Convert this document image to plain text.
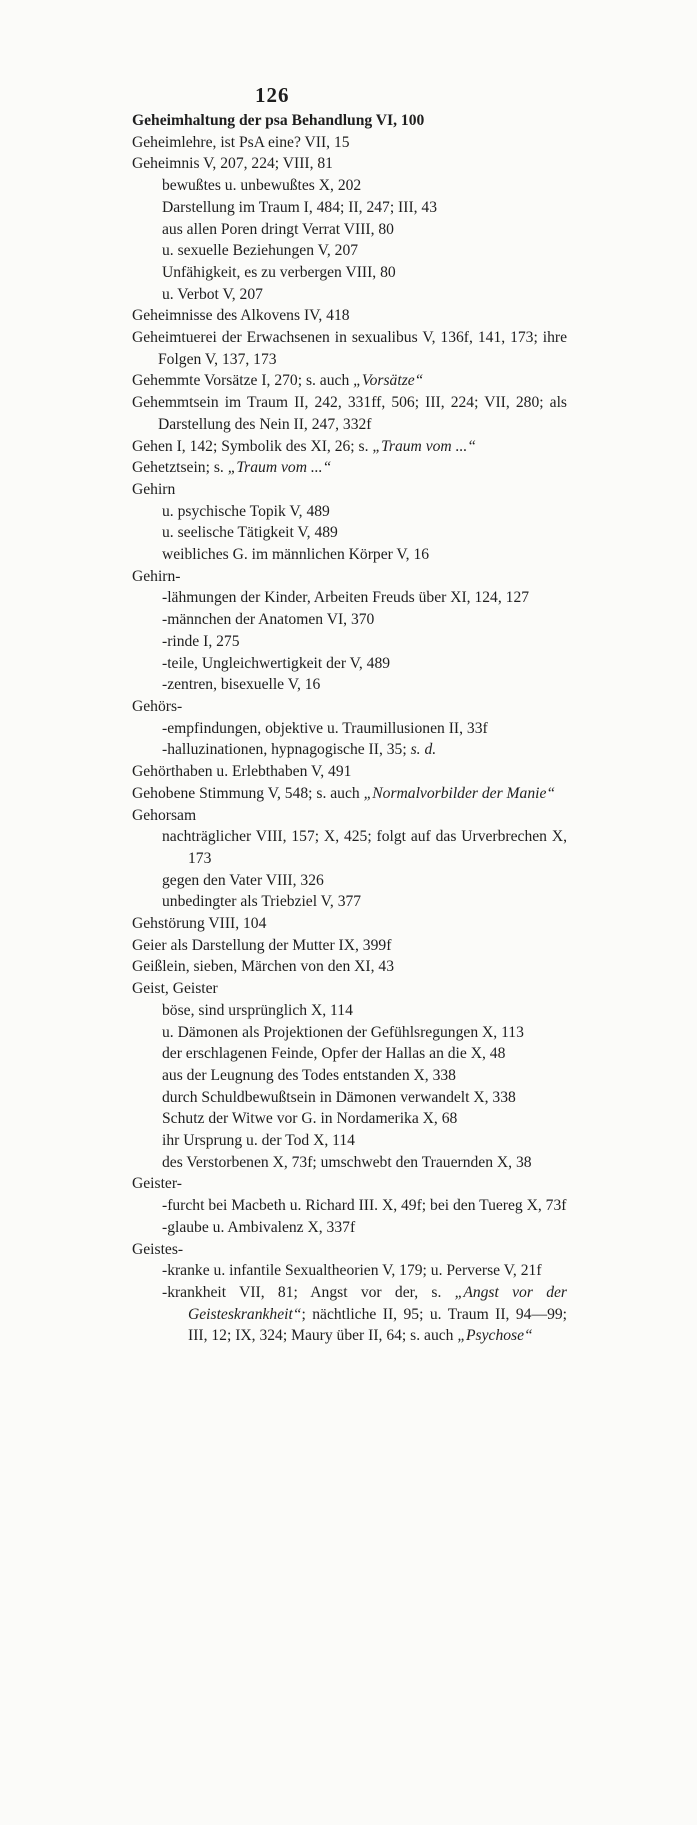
126
Geheimhaltung der psa Behandlung VI, 100
Geheimlehre, ist PsA eine? VII, 15
Geheimnis V, 207, 224; VIII, 81
bewußtes u. unbewußtes X, 202
Darstellung im Traum I, 484; II, 247; III, 43
aus allen Poren dringt Verrat VIII, 80
u. sexuelle Beziehungen V, 207
Unfähigkeit, es zu verbergen VIII, 80
u. Verbot V, 207
Geheimnisse des Alkovens IV, 418
Geheimtuerei der Erwachsenen in sexualibus V, 136f, 141, 173; ihre Folgen V, 137, 173
Gehemmte Vorsätze I, 270; s. auch „Vorsätze“
Gehemmtsein im Traum II, 242, 331ff, 506; III, 224; VII, 280; als Darstellung des Nein II, 247, 332f
Gehen I, 142; Symbolik des XI, 26; s. „Traum vom ...“
Gehetztsein; s. „Traum vom ...“
Gehirn
u. psychische Topik V, 489
u. seelische Tätigkeit V, 489
weibliches G. im männlichen Körper V, 16
Gehirn-
-lähmungen der Kinder, Arbeiten Freuds über XI, 124, 127
-männchen der Anatomen VI, 370
-rinde I, 275
-teile, Ungleichwertigkeit der V, 489
-zentren, bisexuelle V, 16
Gehörs-
-empfindungen, objektive u. Traumillusionen II, 33f
-halluzinationen, hypnagogische II, 35; s. d.
Gehörthaben u. Erlebthaben V, 491
Gehobene Stimmung V, 548; s. auch „Normalvorbilder der Manie“
Gehorsam
nachträglicher VIII, 157; X, 425; folgt auf das Urverbrechen X, 173
gegen den Vater VIII, 326
unbedingter als Triebziel V, 377
Gehstörung VIII, 104
Geier als Darstellung der Mutter IX, 399f
Geißlein, sieben, Märchen von den XI, 43
Geist, Geister
böse, sind ursprünglich X, 114
u. Dämonen als Projektionen der Gefühlsregungen X, 113
der erschlagenen Feinde, Opfer der Hallas an die X, 48
aus der Leugnung des Todes entstanden X, 338
durch Schuldbewußtsein in Dämonen verwandelt X, 338
Schutz der Witwe vor G. in Nordamerika X, 68
ihr Ursprung u. der Tod X, 114
des Verstorbenen X, 73f; umschwebt den Trauernden X, 38
Geister-
-furcht bei Macbeth u. Richard III. X, 49f; bei den Tuereg X, 73f
-glaube u. Ambivalenz X, 337f
Geistes-
-kranke u. infantile Sexualtheorien V, 179; u. Perverse V, 21f
-krankheit VII, 81; Angst vor der, s. „Angst vor der Geisteskrankheit“; nächtliche II, 95; u. Traum II, 94—99; III, 12; IX, 324; Maury über II, 64; s. auch „Psychose“
